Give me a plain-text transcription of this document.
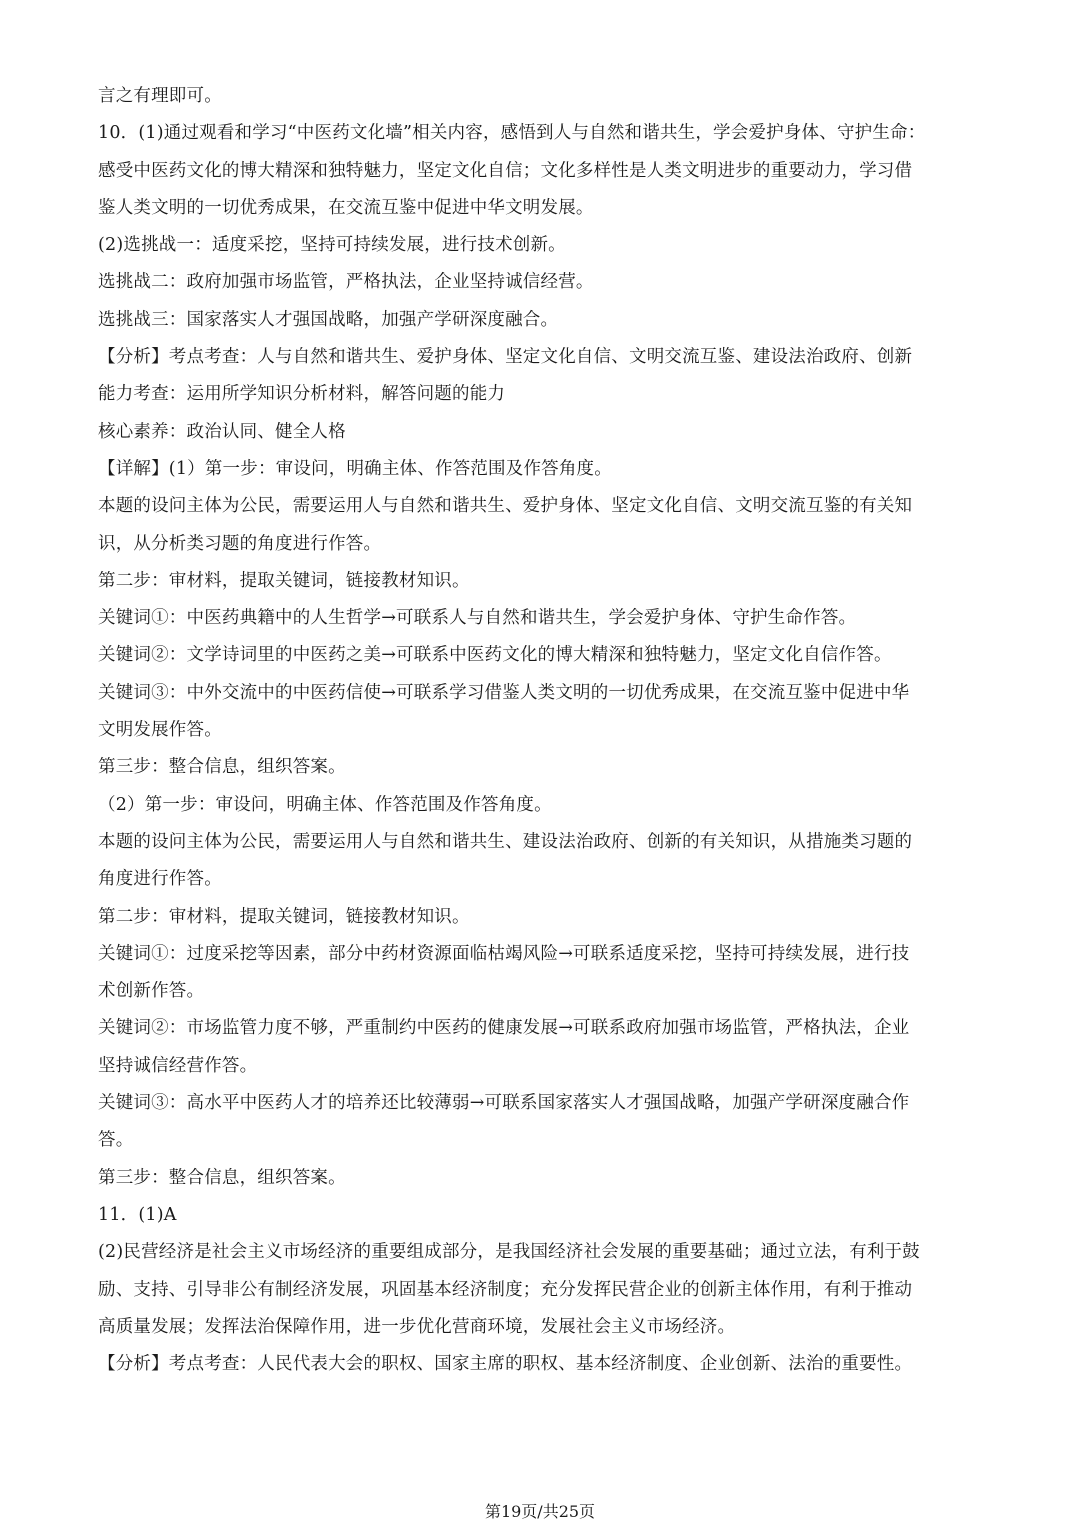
言之有理即可。
10．(1)通过观看和学习“中医药文化墙”相关内容，感悟到人与自然和谐共生，学会爱护身体、守护生命：
感受中医药文化的博大精深和独特魅力，坚定文化自信；文化多样性是人类文明进步的重要动力，学习借
鉴人类文明的一切优秀成果，在交流互鉴中促进中华文明发展。
(2)选挑战一：适度采挖，坚持可持续发展，进行技术创新。
选挑战二：政府加强市场监管，严格执法，企业坚持诚信经营。
选挑战三：国家落实人才强国战略，加强产学研深度融合。
【分析】考点考查：人与自然和谐共生、爱护身体、坚定文化自信、文明交流互鉴、建设法治政府、创新
能力考查：运用所学知识分析材料，解答问题的能力
核心素养：政治认同、健全人格
【详解】(1）第一步：审设问，明确主体、作答范围及作答角度。
本题的设问主体为公民，需要运用人与自然和谐共生、爱护身体、坚定文化自信、文明交流互鉴的有关知
识，从分析类习题的角度进行作答。
第二步：审材料，提取关键词，链接教材知识。
关键词①：中医药典籍中的人生哲学→可联系人与自然和谐共生，学会爱护身体、守护生命作答。
关键词②：文学诗词里的中医药之美→可联系中医药文化的博大精深和独特魅力，坚定文化自信作答。
关键词③：中外交流中的中医药信使→可联系学习借鉴人类文明的一切优秀成果，在交流互鉴中促进中华
文明发展作答。
第三步：整合信息，组织答案。
（2）第一步：审设问，明确主体、作答范围及作答角度。
本题的设问主体为公民，需要运用人与自然和谐共生、建设法治政府、创新的有关知识，从措施类习题的
角度进行作答。
第二步：审材料，提取关键词，链接教材知识。
关键词①：过度采挖等因素，部分中药材资源面临枯竭风险→可联系适度采挖，坚持可持续发展，进行技
术创新作答。
关键词②：市场监管力度不够，严重制约中医药的健康发展→可联系政府加强市场监管，严格执法，企业
坚持诚信经营作答。
关键词③：高水平中医药人才的培养还比较薄弱→可联系国家落实人才强国战略，加强产学研深度融合作
答。
第三步：整合信息，组织答案。
11．(1)A
(2)民营经济是社会主义市场经济的重要组成部分，是我国经济社会发展的重要基础；通过立法，有利于鼓
励、支持、引导非公有制经济发展，巩固基本经济制度；充分发挥民营企业的创新主体作用，有利于推动
高质量发展；发挥法治保障作用，进一步优化营商环境，发展社会主义市场经济。
【分析】考点考查：人民代表大会的职权、国家主席的职权、基本经济制度、企业创新、法治的重要性。
第19页/共25页
